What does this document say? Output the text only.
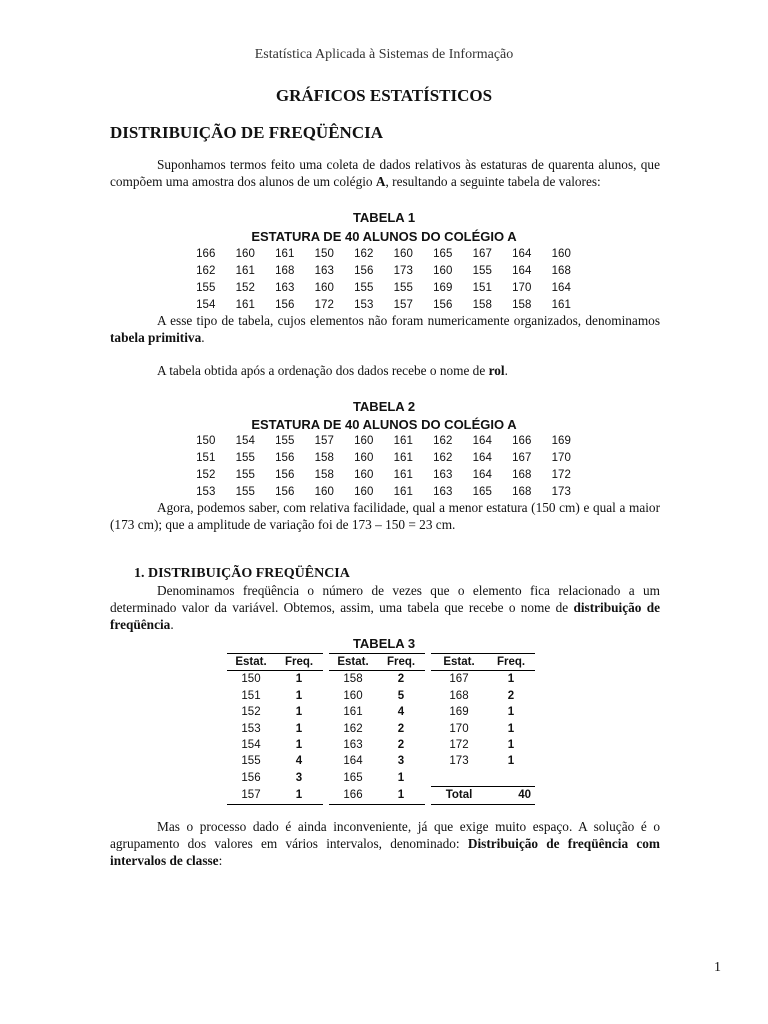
Estatística Aplicada à Sistemas de Informação
GRÁFICOS ESTATÍSTICOS
DISTRIBUIÇÃO DE FREQÜÊNCIA
Suponhamos termos feito uma coleta de dados relativos às estaturas de quarenta alunos, que compõem uma amostra dos alunos de um colégio A, resultando a seguinte tabela de valores:
TABELA 1
ESTATURA DE 40 ALUNOS DO COLÉGIO A
166	160	161	150	162	160	165	167	164	160
162	161	168	163	156	173	160	155	164	168
155	152	163	160	155	155	169	151	170	164
154	161	156	172	153	157	156	158	158	161
A esse tipo de tabela, cujos elementos não foram numericamente organizados, denominamos tabela primitiva.
A tabela obtida após a ordenação dos dados recebe o nome de rol.
TABELA 2
ESTATURA DE 40 ALUNOS DO COLÉGIO A
150	154	155	157	160	161	162	164	166	169
151	155	156	158	160	161	162	164	167	170
152	155	156	158	160	161	163	164	168	172
153	155	156	160	160	161	163	165	168	173
Agora, podemos saber, com relativa facilidade, qual a menor estatura (150 cm) e qual a maior (173 cm); que a amplitude de variação foi de 173 – 150 = 23 cm.
1. DISTRIBUIÇÃO FREQÜÊNCIA
Denominamos freqüência o número de vezes que o elemento fica relacionado a um determinado valor da variável. Obtemos, assim, uma tabela que recebe o nome de distribuição de freqüência.
TABELA 3
Estat.	Freq.		Estat.	Freq.		Estat.	Freq.
150	1		158	2		167	1
151	1		160	5		168	2
152	1		161	4		169	1
153	1		162	2		170	1
154	1		163	2		172	1
155	4		164	3		173	1
156	3		165	1			
157	1		166	1		Total	40
Mas o processo dado é ainda inconveniente, já que exige muito espaço. A solução é o agrupamento dos valores em vários intervalos, denominado: Distribuição de freqüência com intervalos de classe:
1
